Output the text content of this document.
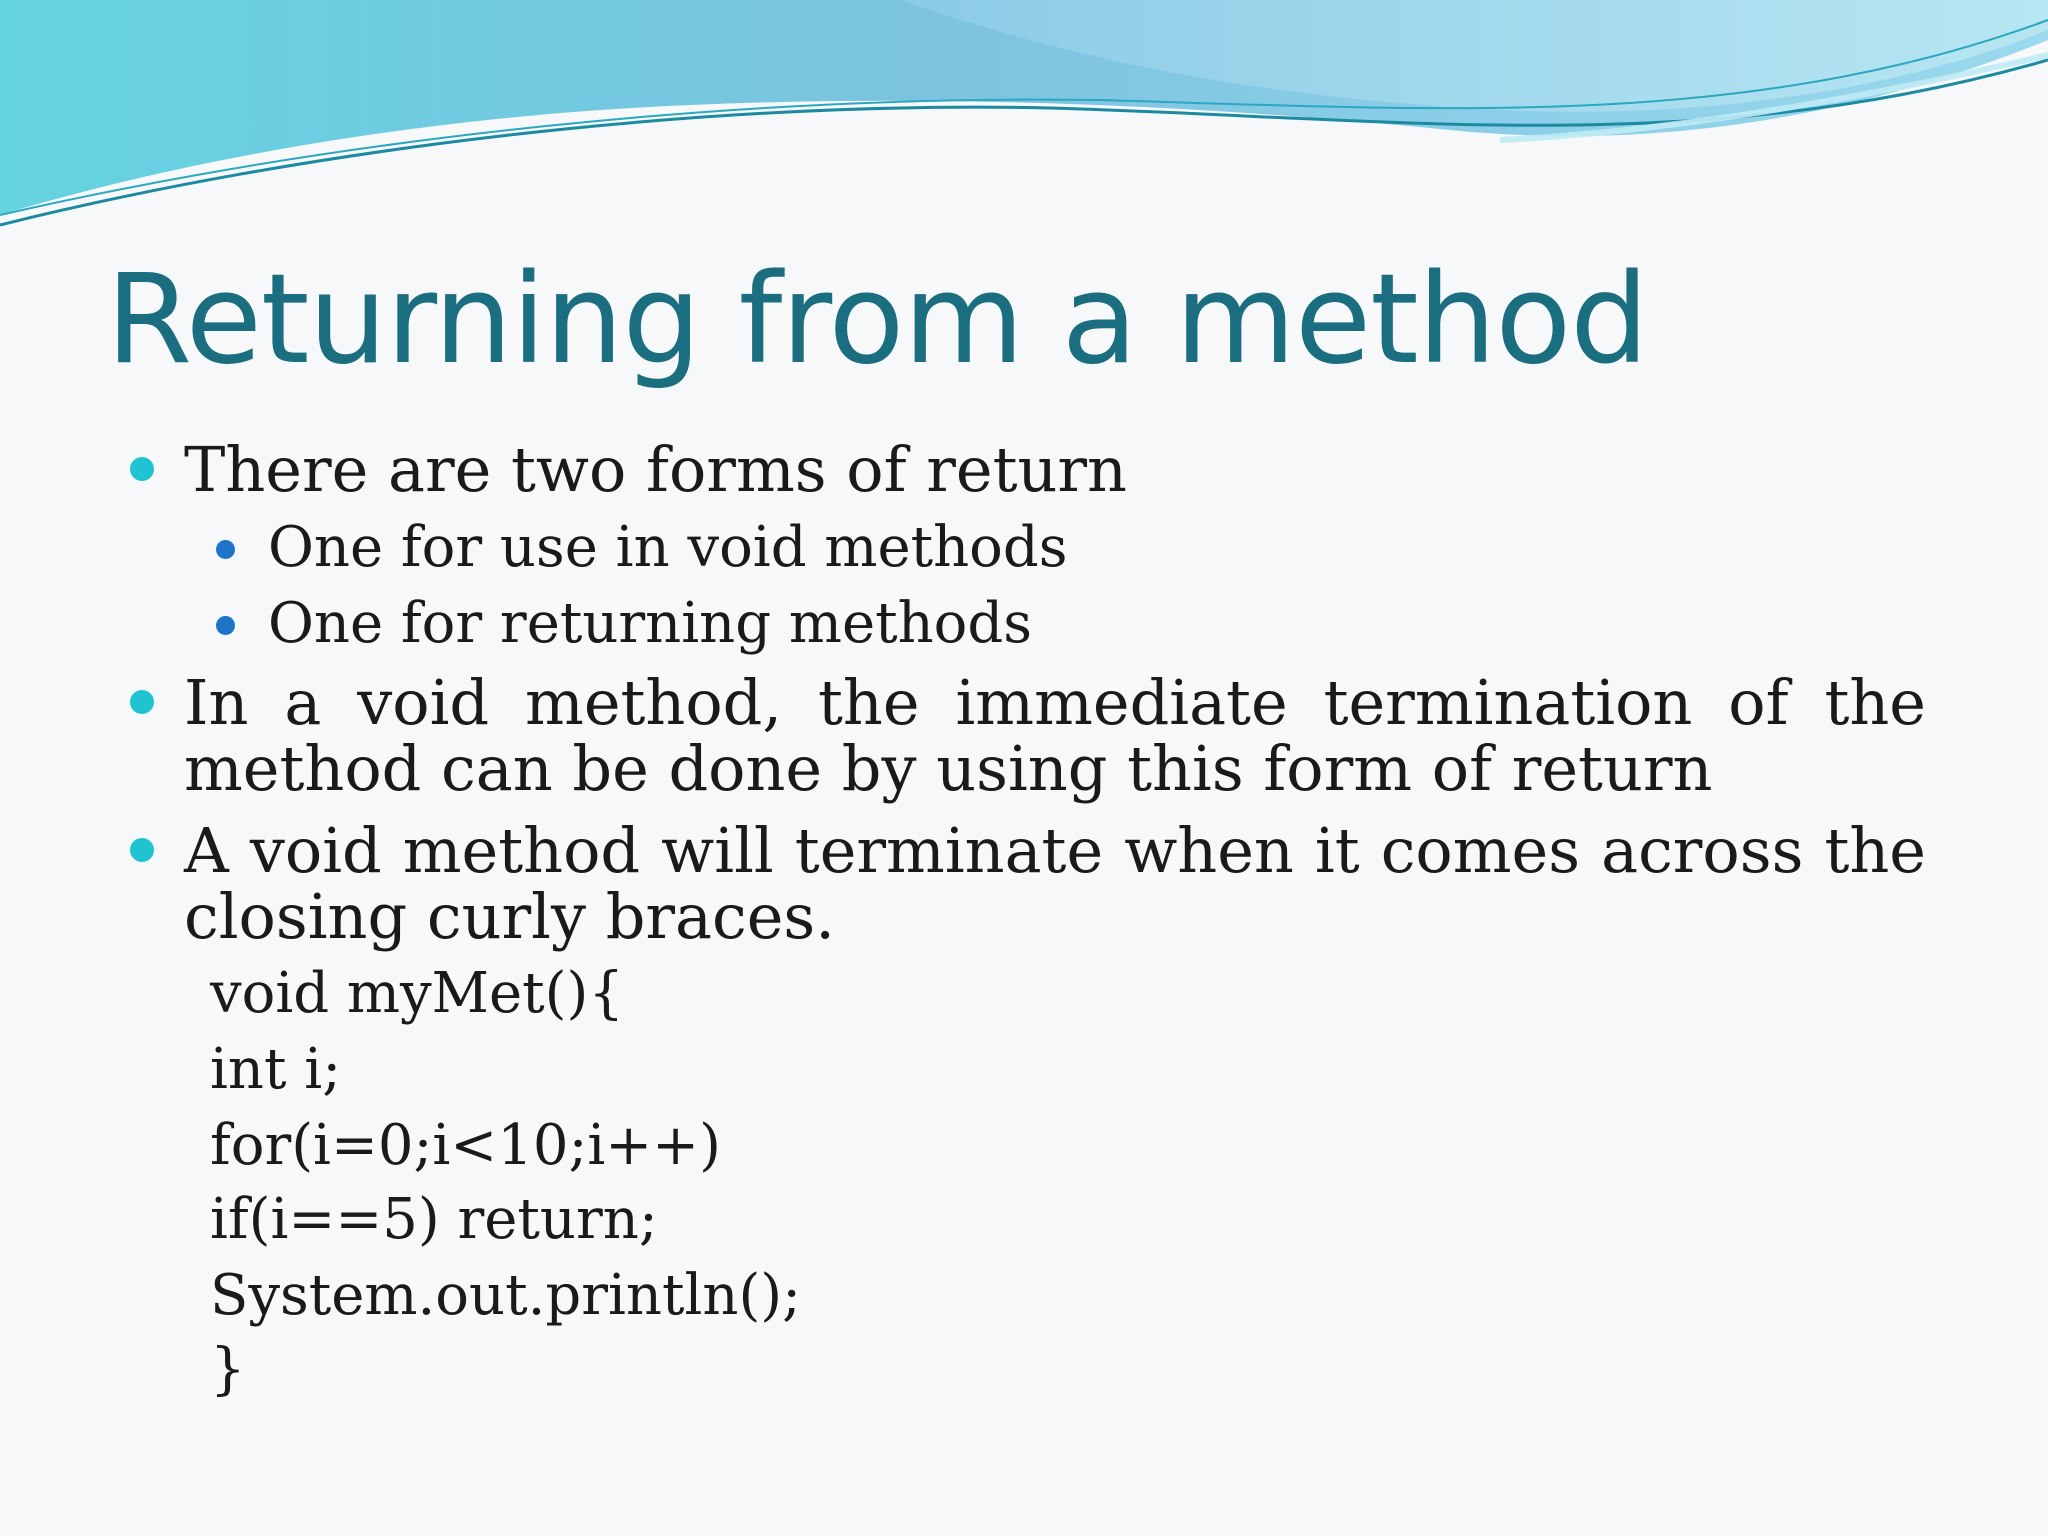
Returning from a method
There are two forms of return
One for use in void methods
One for returning methods
In a void method, the immediate termination of the method can be done by using this form of return
A void method will terminate when it comes across the closing curly braces.
void myMet(){
int i;
for(i=0;i<10;i++)
if(i==5) return;
System.out.println();
}
